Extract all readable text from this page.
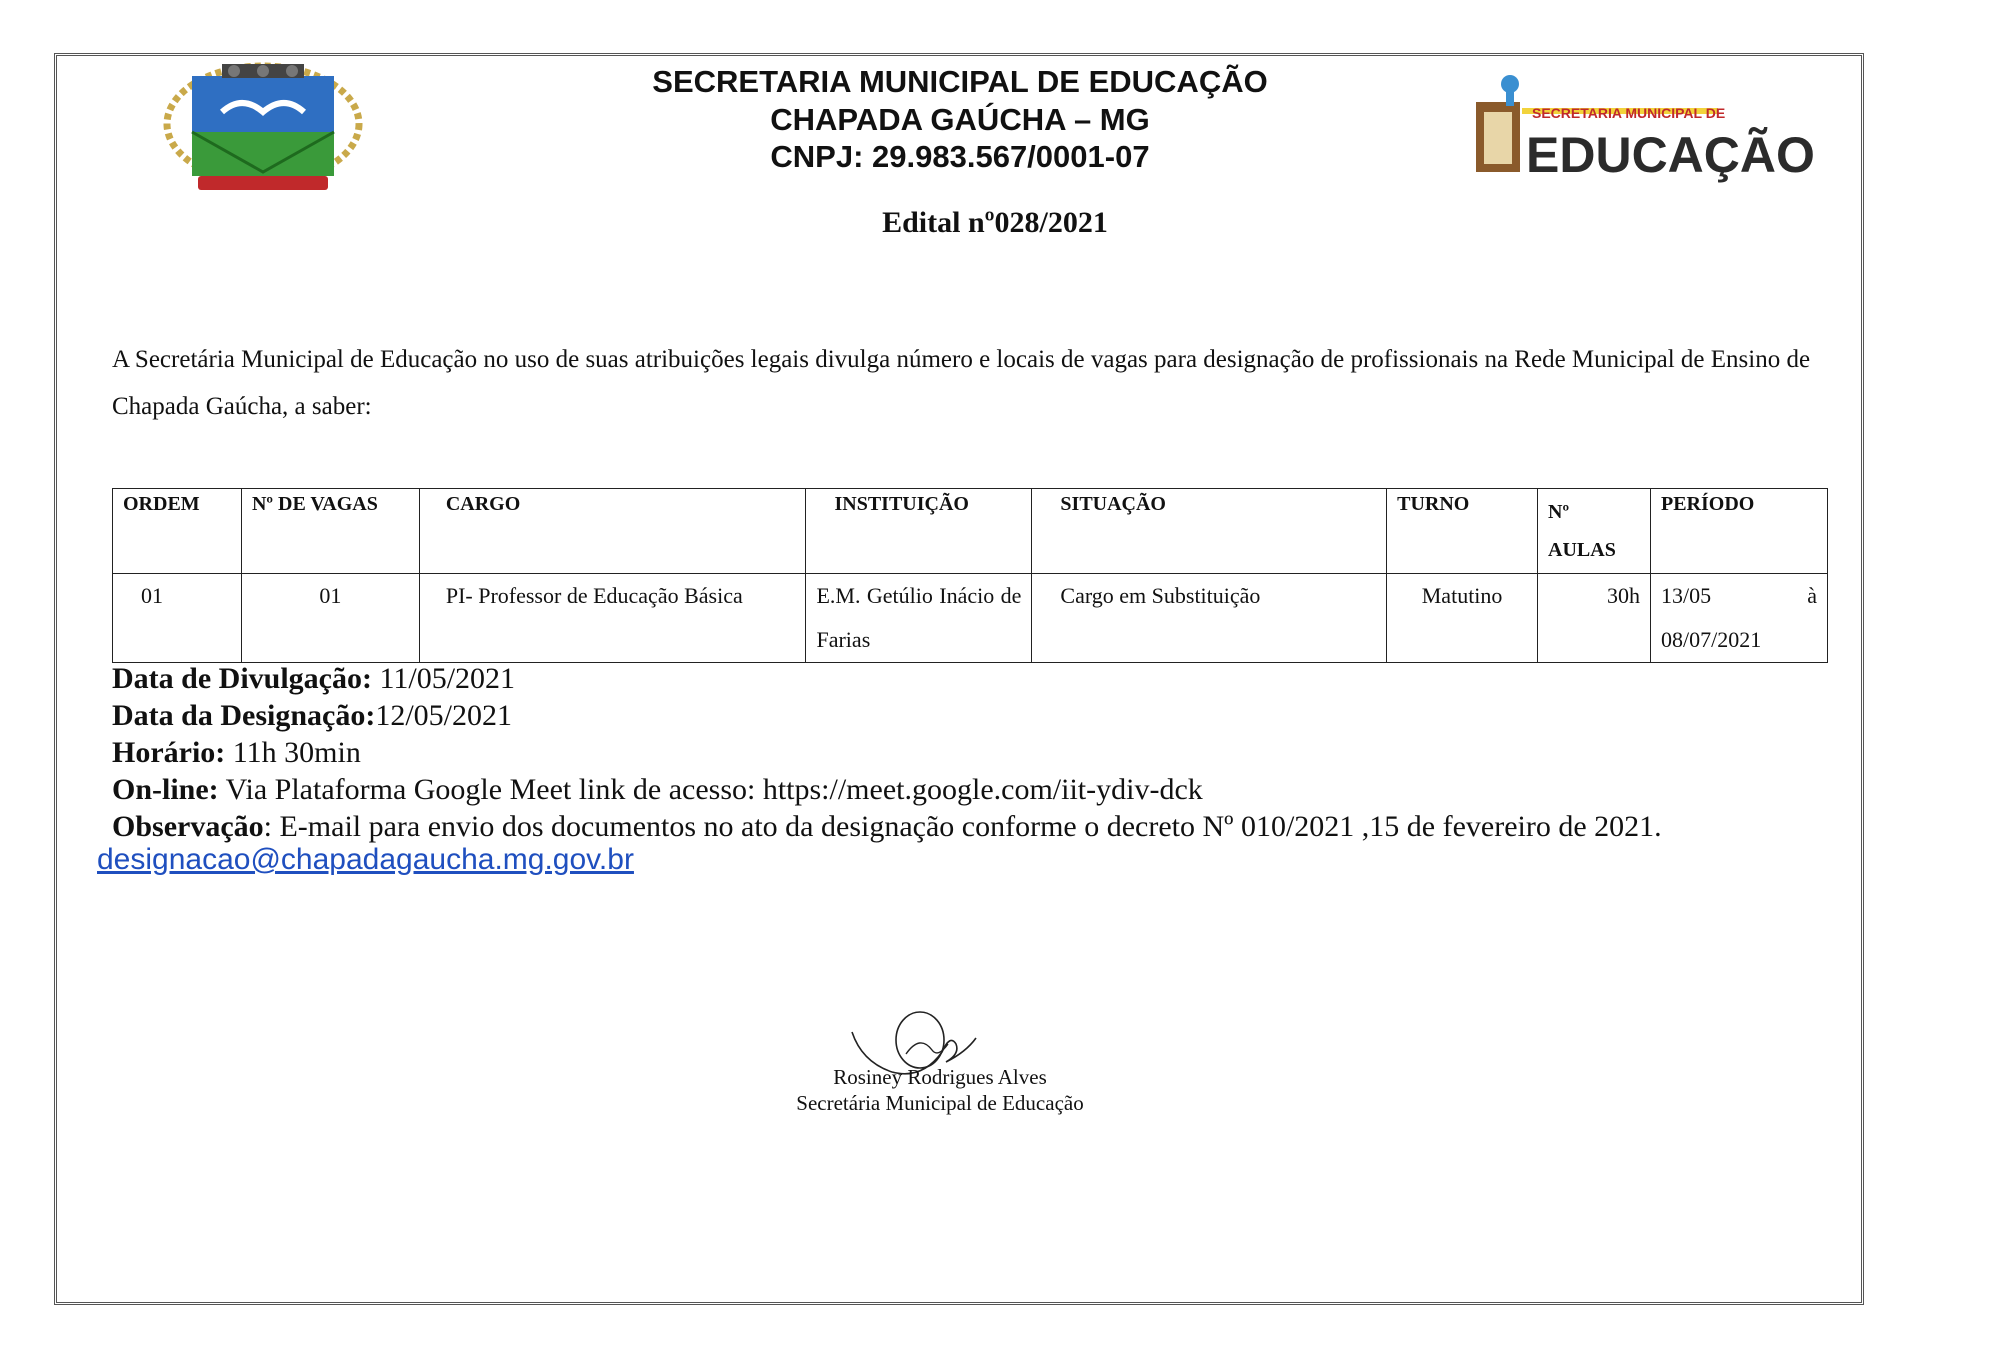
SECRETARIA MUNICIPAL DE
EDUCAÇÃO
SECRETARIA MUNICIPAL DE EDUCAÇÃO
CHAPADA GAÚCHA – MG
CNPJ: 29.983.567/0001-07
Edital nº028/2021
A Secretária Municipal de Educação no uso de suas atribuições legais divulga número e locais de vagas para designação de profissionais na Rede Municipal de Ensino de Chapada Gaúcha, a saber:
ORDEM	Nº DE VAGAS	CARGO	INSTITUIÇÃO	SITUAÇÃO	TURNO	Nº AULAS	PERÍODO
01	01	PI- Professor de Educação Básica	E.M. Getúlio Inácio de Farias	Cargo em Substituição	Matutino	30h	13/05 à 08/07/2021
Data de Divulgação: 11/05/2021
Data da Designação:12/05/2021
Horário: 11h 30min
On-line: Via Plataforma Google Meet link de acesso: https://meet.google.com/iit-ydiv-dck
Observação: E-mail para envio dos documentos no ato da designação conforme o decreto Nº 010/2021 ,15 de fevereiro de 2021.
designacao@chapadagaucha.mg.gov.br
Rosiney Rodrigues Alves
Secretária Municipal de Educação
